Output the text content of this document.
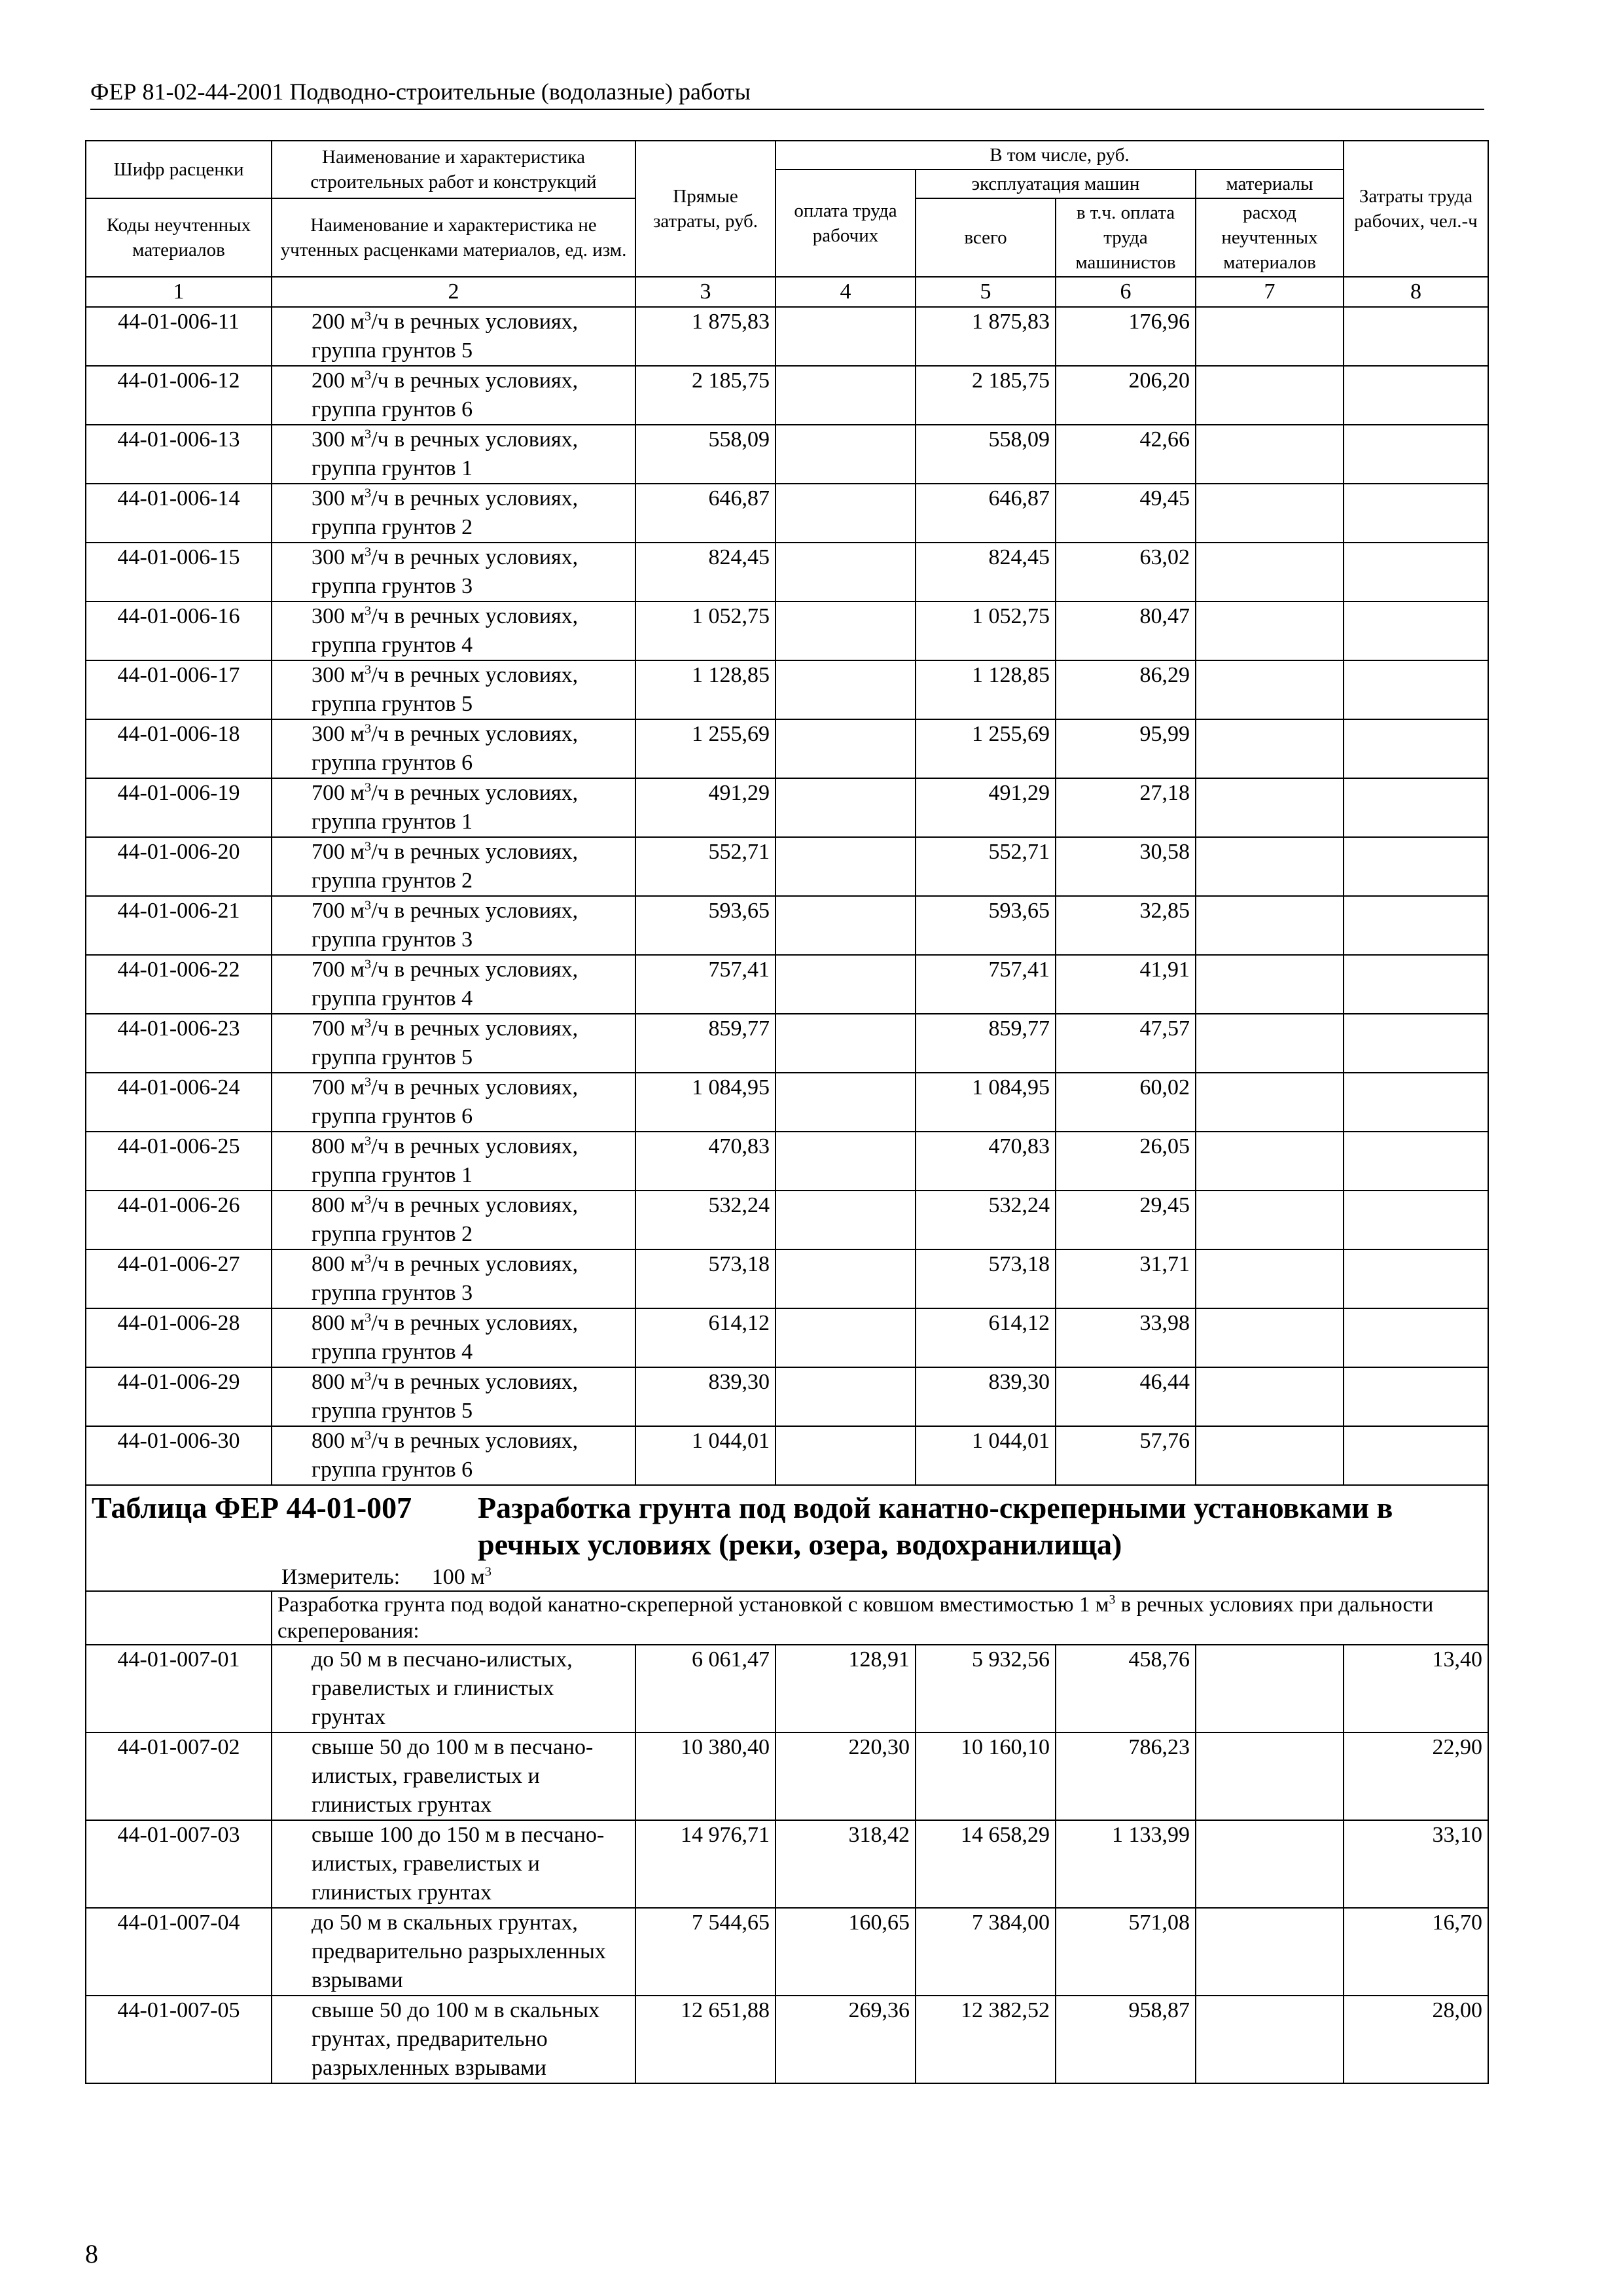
ФЕР 81-02-44-2001 Подводно-строительные (водолазные) работы
Шифр расценки	Наименование и характеристика строительных работ и конструкций	Прямые затраты, руб.	В том числе, руб.				Затраты труда рабочих, чел.-ч
			оплата труда рабочих	эксплуатация машин		материалы	
Коды неучтенных материалов	Наименование и характеристика не учтенных расценками материалов, ед. изм.			всего	в т.ч. оплата труда машинистов	расход неучтенных материалов	

1	2	3	4	5	6	7	8
44-01-006-11	200 $м^3/ч$ в речных условиях,
группа грунтов 5	1 875,83		1 875,83	176,96		
44-01-006-12	200 $м^3/ч$ в речных условиях,
группа грунтов 6	2 185,75		2 185,75	206,20		
44-01-006-13	300 $м^3/ч$ в речных условиях,
группа грунтов 1	558,09		558,09	42,66		
44-01-006-14	300 $м^3/ч$ в речных условиях,
группа грунтов 2	646,87		646,87	49,45		
44-01-006-15	300 $м^3/ч$ в речных условиях,
группа грунтов 3	824,45		824,45	63,02		
44-01-006-16	300 $м^3/ч$ в речных условиях,
группа грунтов 4	1 052,75		1 052,75	80,47		
44-01-006-17	300 $м^3/ч$ в речных условиях,
группа грунтов 5	1 128,85		1 128,85	86,29		
44-01-006-18	300 $м^3/ч$ в речных условиях,
группа грунтов 6	1 255,69		1 255,69	95,99		
44-01-006-19	700 $м^3/ч$ в речных условиях,
группа грунтов 1	491,29		491,29	27,18		
44-01-006-20	700 $м^3/ч$ в речных условиях,
группа грунтов 2	552,71		552,71	30,58		
44-01-006-21	700 $м^3/ч$ в речных условиях,
группа грунтов 3	593,65		593,65	32,85		
44-01-006-22	700 $м^3/ч$ в речных условиях,
группа грунтов 4	757,41		757,41	41,91		
44-01-006-23	700 $м^3/ч$ в речных условиях,
группа грунтов 5	859,77		859,77	47,57		
44-01-006-24	700 $м^3/ч$ в речных условиях,
группа грунтов 6	1 084,95		1 084,95	60,02		
44-01-006-25	800 $м^3/ч$ в речных условиях,
группа грунтов 1	470,83		470,83	26,05		
44-01-006-26	800 $м^3/ч$ в речных условиях,
группа грунтов 2	532,24		532,24	29,45		
44-01-006-27	800 $м^3/ч$ в речных условиях,
группа грунтов 3	573,18		573,18	31,71		
44-01-006-28	800 $м^3/ч$ в речных условиях,
группа грунтов 4	614,12		614,12	33,98		
44-01-006-29	800 $м^3/ч$ в речных условиях,
группа грунтов 5	839,30		839,30	46,44		
44-01-006-30	800 $м^3/ч$ в речных условиях,
группа грунтов 6	1 044,01		1 044,01	57,76		

Таблица ФЕР 44-01-007 Разработка грунта под водой канатно-скреперными установками в речных условиях (реки, озера, водохранилища)
Измеритель: 100 $м^3$

	Разработка грунта под водой канатно-скреперной установкой с ковшом вместимостью 1 $м^3$ в речных условиях при дальности скреперования:						
44-01-007-01	до 50 м в песчано-илистых, гравелистых и глинистых грунтах	6 061,47	128,91	5 932,56	458,76		13,40
44-01-007-02	свыше 50 до 100 м в песчано-илистых, гравелистых и глинистых грунтах	10 380,40	220,30	10 160,10	786,23		22,90
44-01-007-03	свыше 100 до 150 м в песчано-илистых, гравелистых и глинистых грунтах	14 976,71	318,42	14 658,29	1 133,99		33,10
44-01-007-04	до 50 м в скальных грунтах, предварительно разрыхленных взрывами	7 544,65	160,65	7 384,00	571,08		16,70
44-01-007-05	свыше 50 до 100 м в скальных грунтах, предварительно разрыхленных взрывами	12 651,88	269,36	12 382,52	958,87		28,00
8
